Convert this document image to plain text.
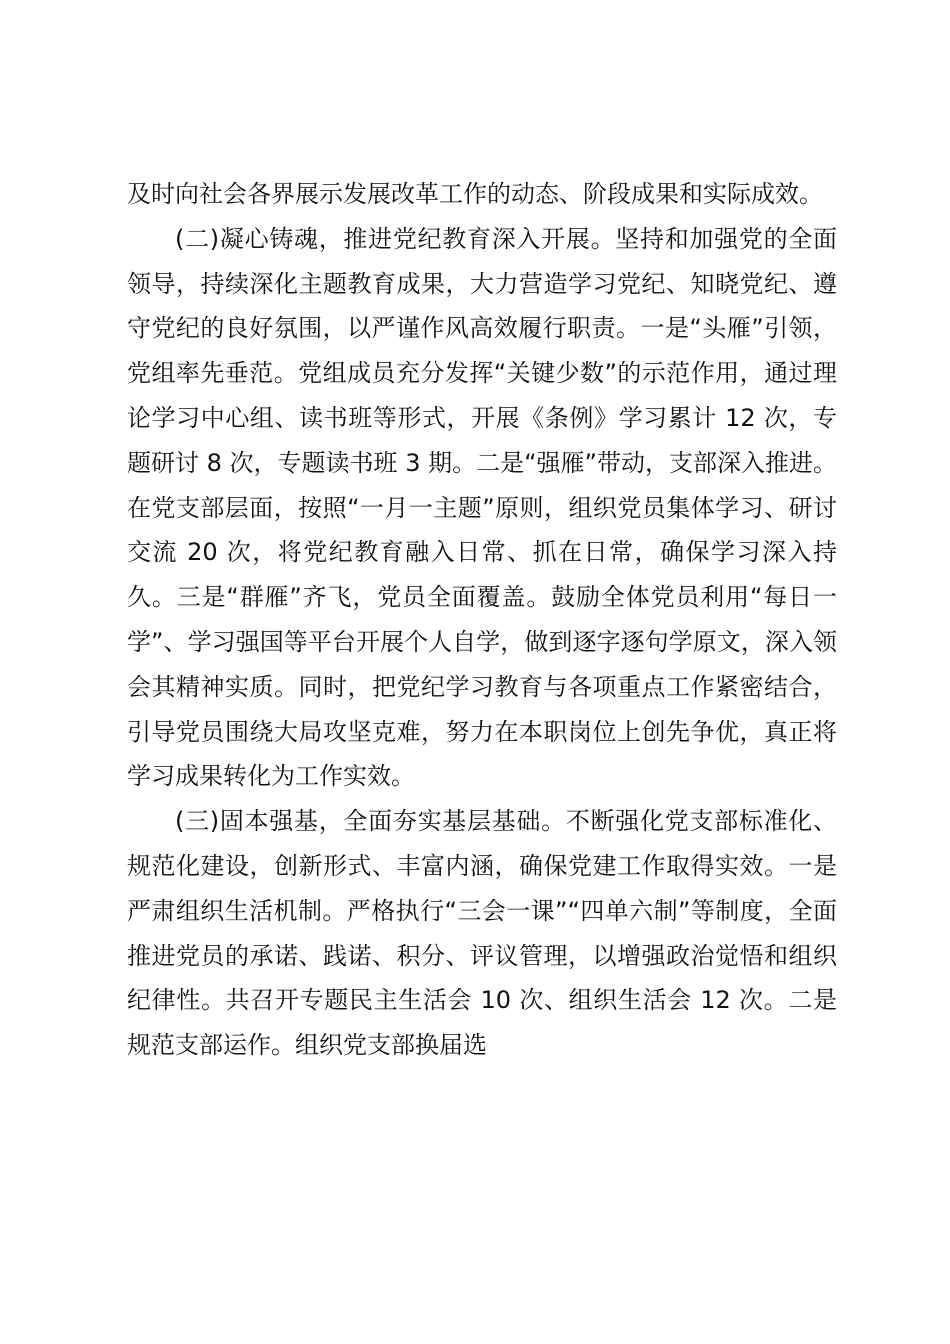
及时向社会各界展示发展改革工作的动态、阶段成果和实际成效。

(二)凝心铸魂，推进党纪教育深入开展。坚持和加强党的全面领导，持续深化主题教育成果，大力营造学习党纪、知晓党纪、遵守党纪的良好氛围，以严谨作风高效履行职责。一是“头雁”引领，党组率先垂范。党组成员充分发挥“关键少数”的示范作用，通过理论学习中心组、读书班等形式，开展《条例》学习累计 12 次，专题研讨 8 次，专题读书班 3 期。二是“强雁”带动，支部深入推进。在党支部层面，按照“一月一主题”原则，组织党员集体学习、研讨交流 20 次，将党纪教育融入日常、抓在日常，确保学习深入持久。三是“群雁”齐飞，党员全面覆盖。鼓励全体党员利用“每日一学”、学习强国等平台开展个人自学，做到逐字逐句学原文，深入领会其精神实质。同时，把党纪学习教育与各项重点工作紧密结合，引导党员围绕大局攻坚克难，努力在本职岗位上创先争优，真正将学习成果转化为工作实效。

(三)固本强基，全面夯实基层基础。不断强化党支部标准化、规范化建设，创新形式、丰富内涵，确保党建工作取得实效。一是严肃组织生活机制。严格执行“三会一课”“四单六制”等制度，全面推进党员的承诺、践诺、积分、评议管理，以增强政治觉悟和组织纪律性。共召开专题民主生活会 10 次、组织生活会 12 次。二是规范支部运作。组织党支部换届选
